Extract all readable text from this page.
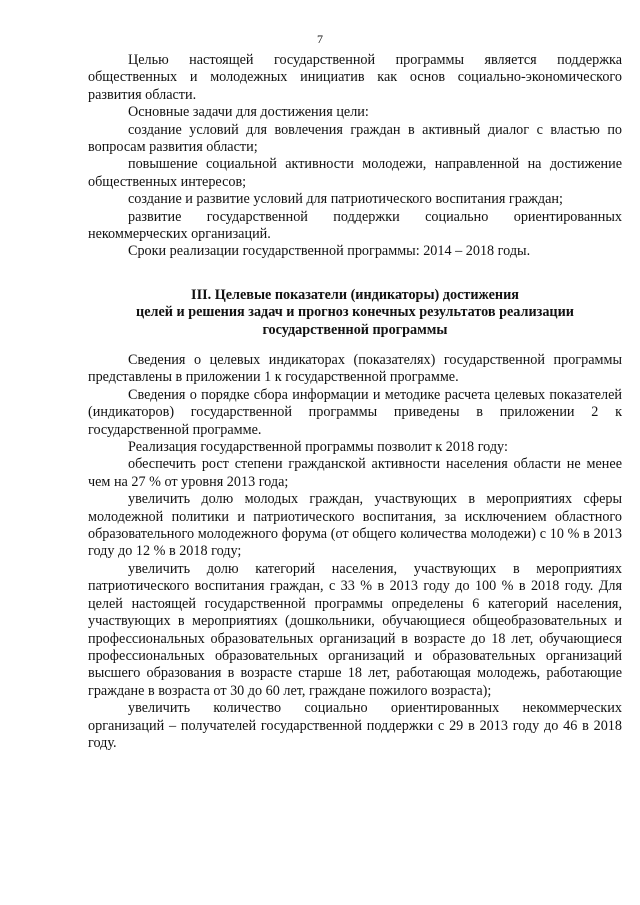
7

Целью настоящей государственной программы является поддержка общественных и молодежных инициатив как основ социально-экономического развития области.

Основные задачи для достижения цели:

создание условий для вовлечения граждан в активный диалог с властью по вопросам развития области;

повышение социальной активности молодежи, направленной на достижение общественных интересов;

создание и развитие условий для патриотического воспитания граждан;

развитие государственной поддержки социально ориентированных некоммерческих организаций.

Сроки реализации государственной программы: 2014 – 2018 годы.

III. Целевые показатели (индикаторы) достижения
целей и решения задач и прогноз конечных результатов реализации
государственной программы

Сведения о целевых индикаторах (показателях) государственной программы представлены в приложении 1 к государственной программе.

Сведения о порядке сбора информации и методике расчета целевых показателей (индикаторов) государственной программы приведены в приложении 2 к государственной программе.

Реализация государственной программы позволит к 2018 году:

обеспечить рост степени гражданской активности населения области не менее чем на 27 % от уровня 2013 года;

увеличить долю молодых граждан, участвующих в мероприятиях сферы молодежной политики и патриотического воспитания, за исключением областного образовательного молодежного форума (от общего количества молодежи) с 10 % в 2013 году до 12 % в 2018 году;

увеличить долю категорий населения, участвующих в мероприятиях патриотического воспитания граждан, с 33 % в 2013 году до 100 % в 2018 году. Для целей настоящей государственной программы определены 6 категорий населения, участвующих в мероприятиях (дошкольники, обучающиеся общеобразовательных и профессиональных образовательных организаций в возрасте до 18 лет, обучающиеся профессиональных образовательных организаций и образовательных организаций высшего образования в возрасте старше 18 лет, работающая молодежь, работающие граждане в возраста от 30 до 60 лет, граждане пожилого возраста);

увеличить количество социально ориентированных некоммерческих организаций – получателей государственной поддержки с 29 в 2013 году до 46 в 2018 году.
